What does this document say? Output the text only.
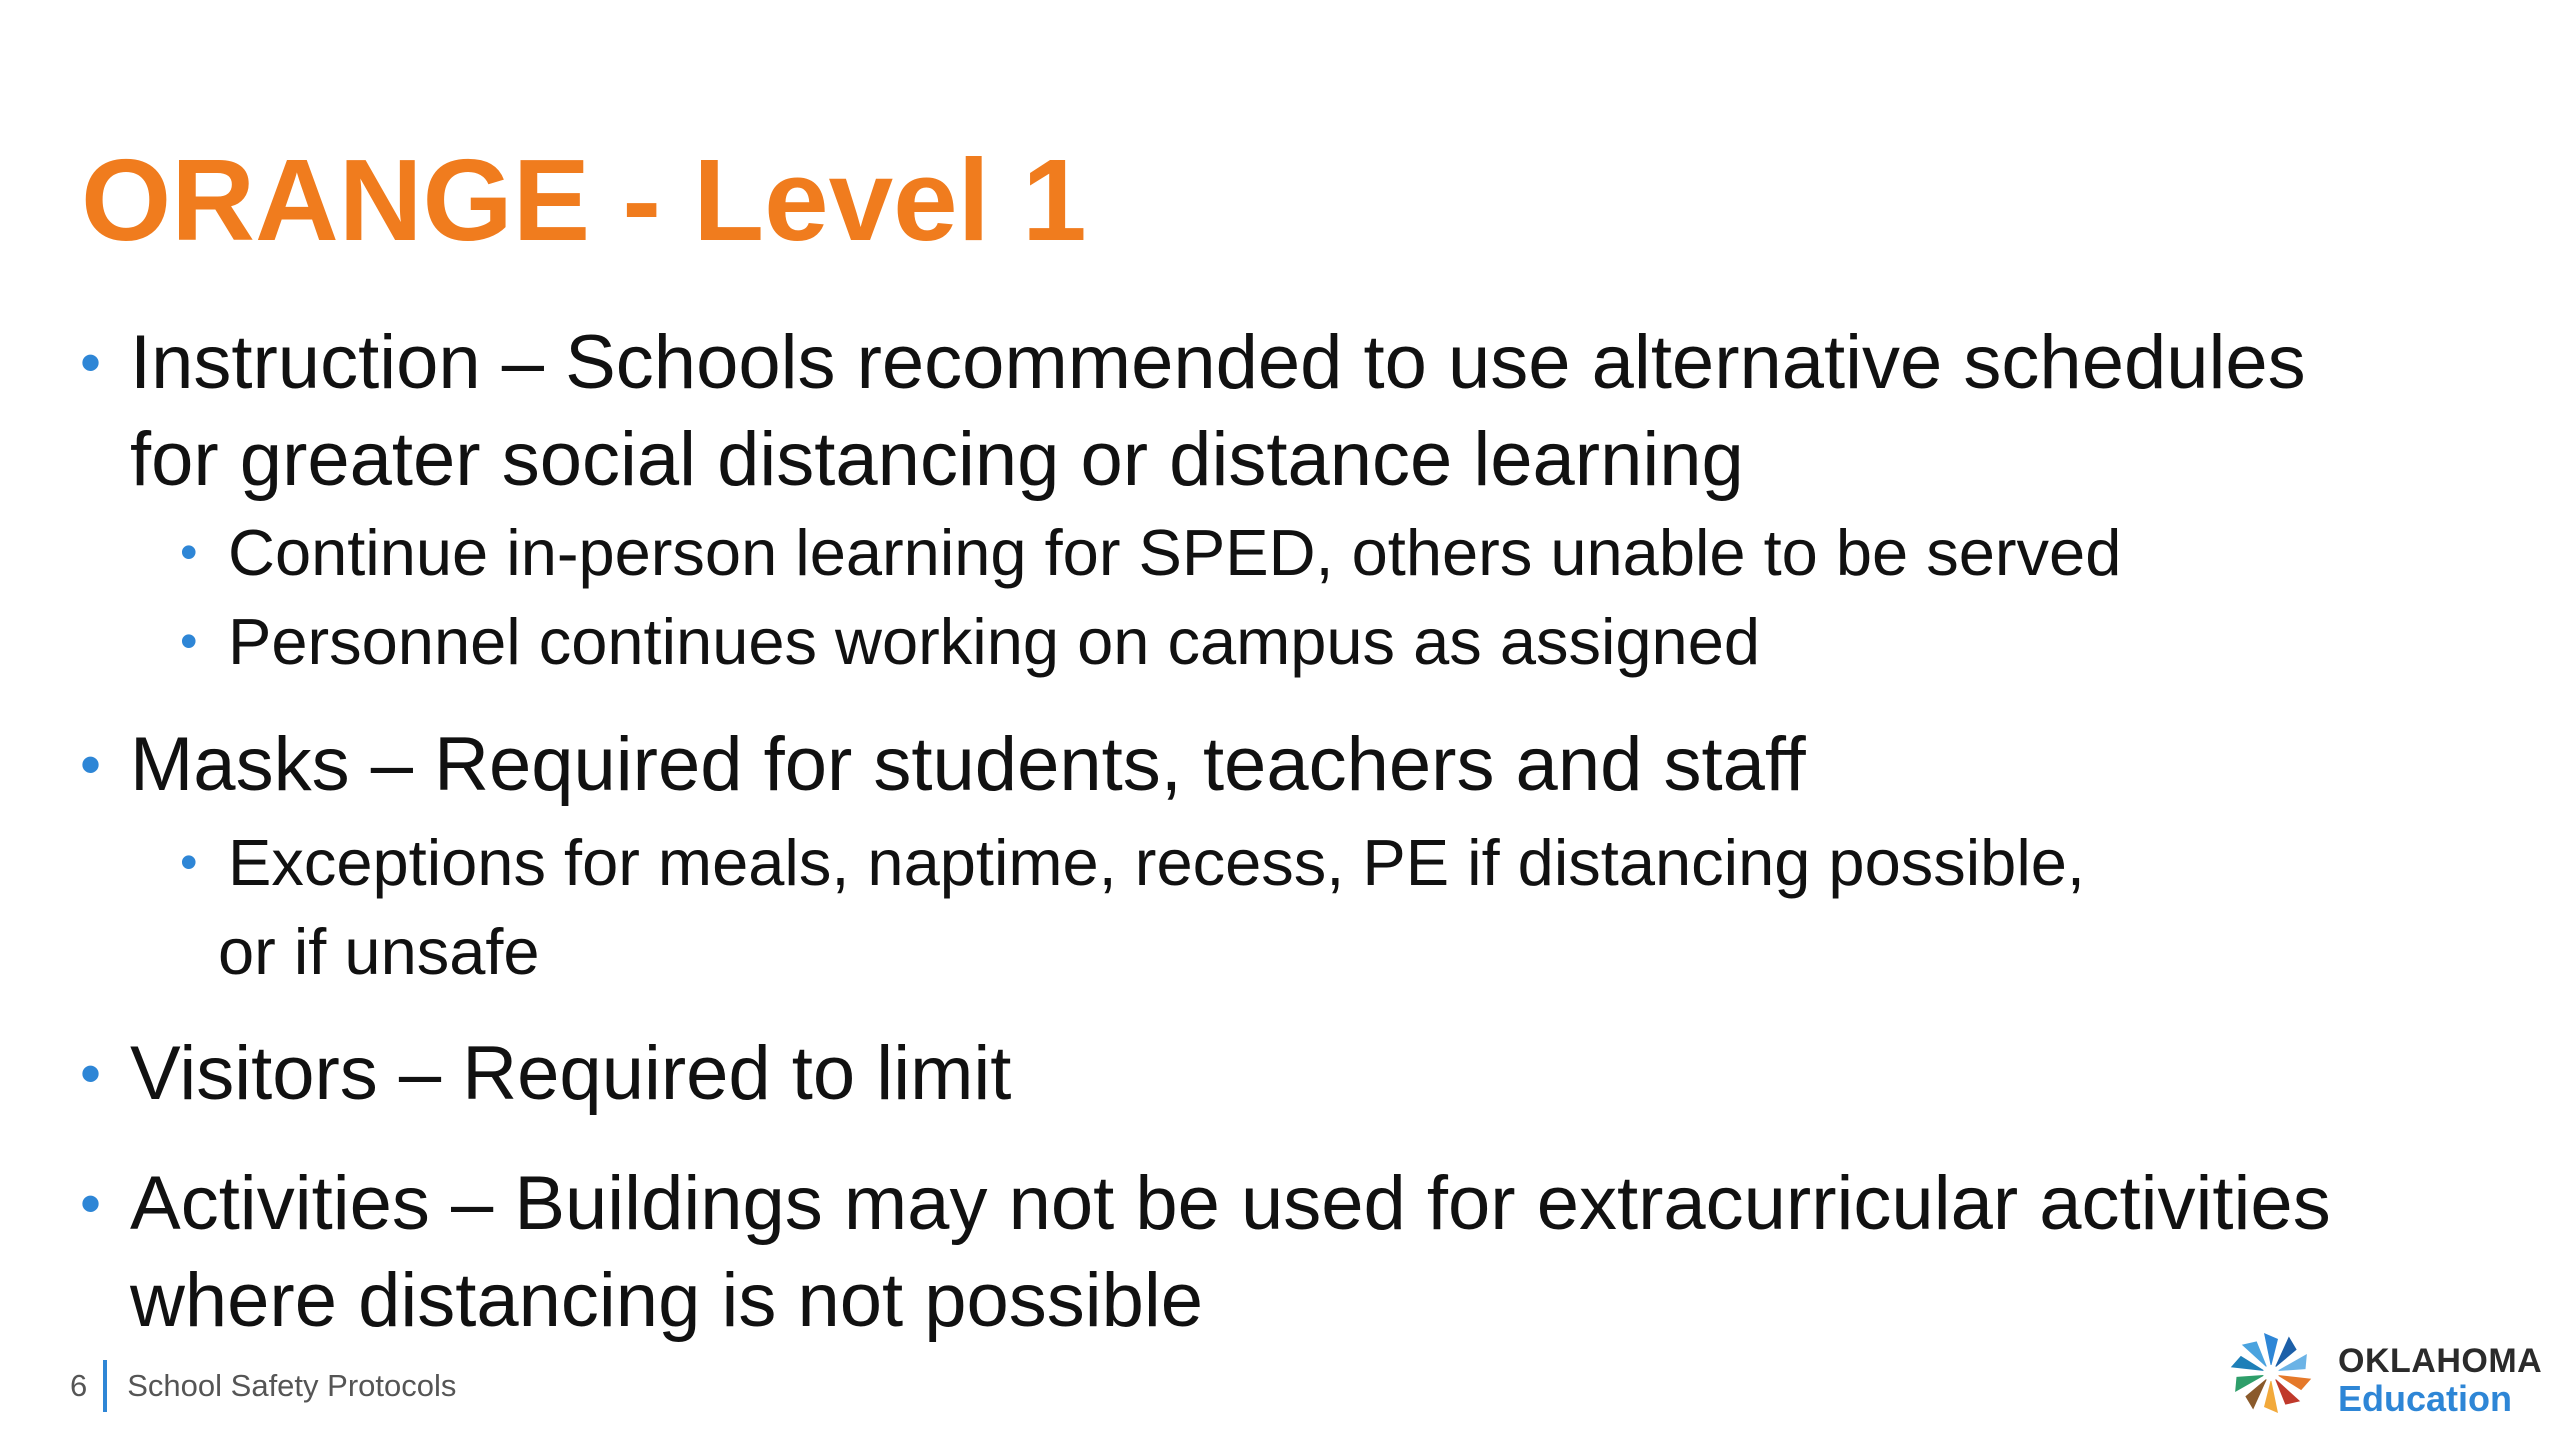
ORANGE - Level 1
• Instruction – Schools recommended to use alternative schedules
for greater social distancing or distance learning
• Continue in-person learning for SPED, others unable to be served
• Personnel continues working on campus as assigned
• Masks – Required for students, teachers and staff
• Exceptions for meals, naptime, recess, PE if distancing possible,
or if unsafe
• Visitors – Required to limit
• Activities – Buildings may not be used for extracurricular activities
where distancing is not possible
6 School Safety Protocols
OKLAHOMA
Education
